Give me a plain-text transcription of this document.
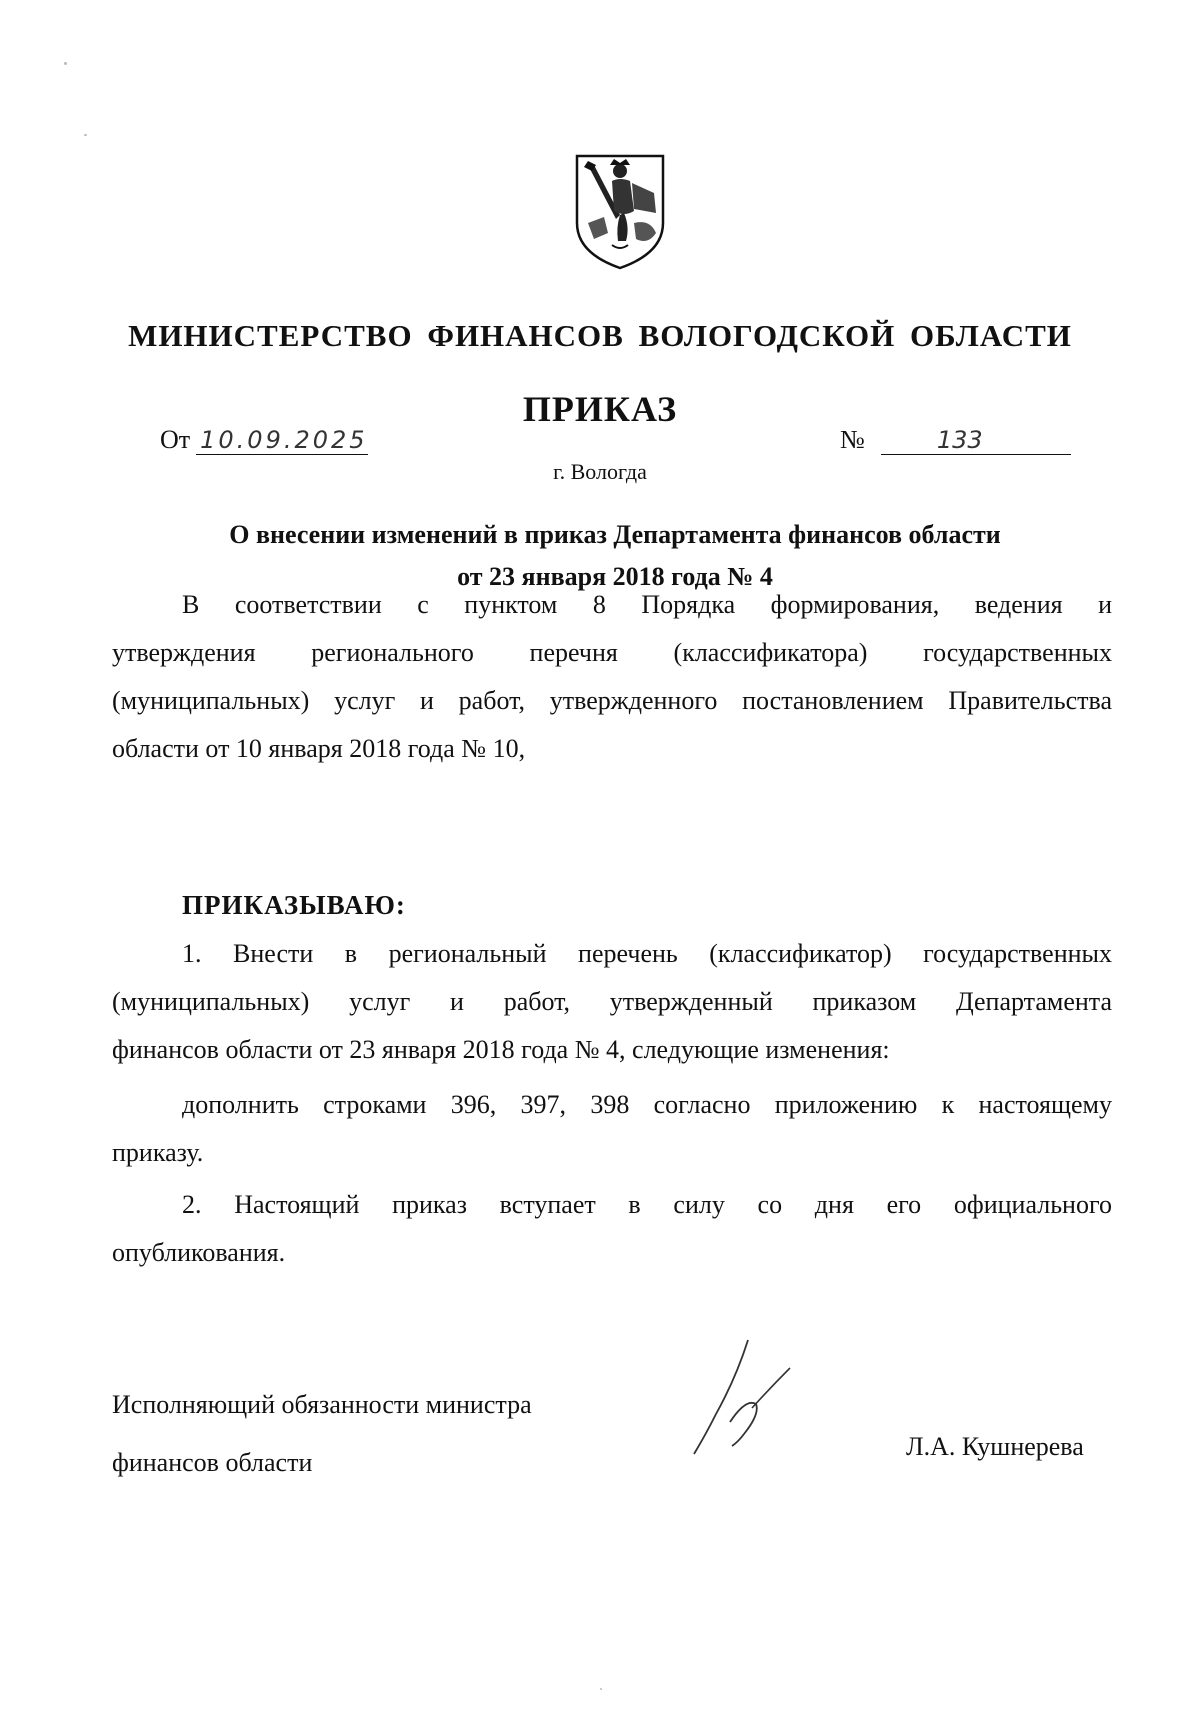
МИНИСТЕРСТВО ФИНАНСОВ ВОЛОГОДСКОЙ ОБЛАСТИ
ПРИКАЗ
От 10.09.2025	№	133
г. Вологда
О внесении изменений в приказ Департамента финансов области
от 23 января 2018 года № 4
В соответствии с пунктом 8 Порядка формирования, ведения и
утверждения регионального перечня (классификатора) государственных
(муниципальных) услуг и работ, утвержденного постановлением Правительства
области от 10 января 2018 года № 10,
ПРИКАЗЫВАЮ:
1. Внести в региональный перечень (классификатор) государственных
(муниципальных) услуг и работ, утвержденный приказом Департамента
финансов области от 23 января 2018 года № 4, следующие изменения:
дополнить строками 396, 397, 398 согласно приложению к настоящему
приказу.
2. Настоящий приказ вступает в силу со дня его официального
опубликования.
Исполняющий обязанности министра
финансов области
Л.А. Кушнерева
